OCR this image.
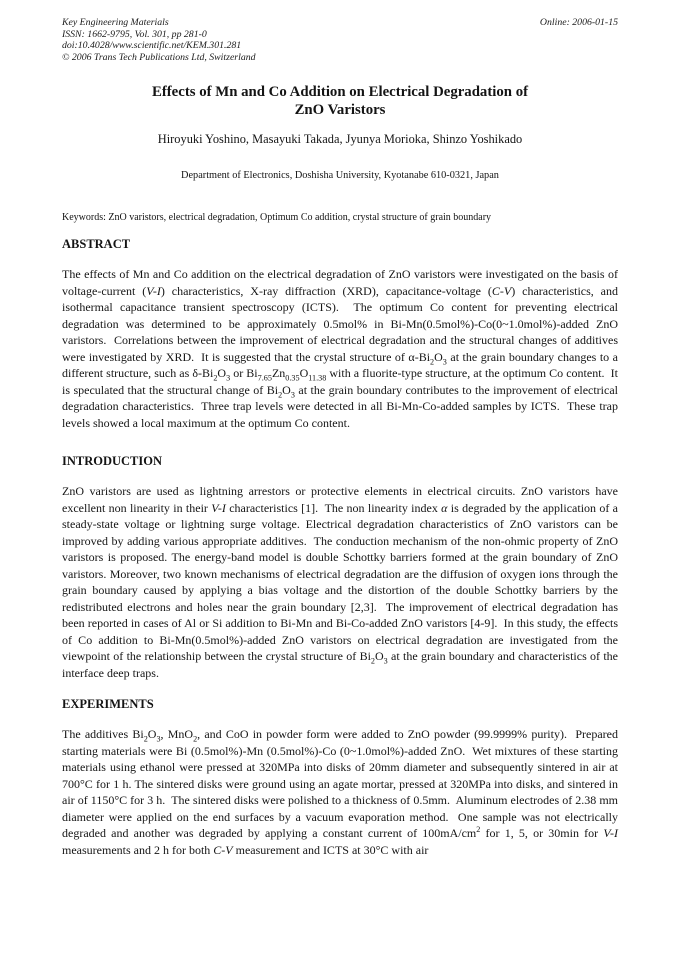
Key Engineering Materials
ISSN: 1662-9795, Vol. 301, pp 281-0
doi:10.4028/www.scientific.net/KEM.301.281
© 2006 Trans Tech Publications Ltd, Switzerland
Online: 2006-01-15
Effects of Mn and Co Addition on Electrical Degradation of
ZnO Varistors
Hiroyuki Yoshino, Masayuki Takada, Jyunya Morioka, Shinzo Yoshikado
Department of Electronics, Doshisha University, Kyotanabe 610-0321, Japan
Keywords: ZnO varistors, electrical degradation, Optimum Co addition, crystal structure of grain boundary
ABSTRACT

The effects of Mn and Co addition on the electrical degradation of ZnO varistors were investigated on the basis of voltage-current (V-I) characteristics, X-ray diffraction (XRD), capacitance-voltage (C-V) characteristics, and isothermal capacitance transient spectroscopy (ICTS).  The optimum Co content for preventing electrical degradation was determined to be approximately 0.5mol% in Bi-Mn(0.5mol%)-Co(0~1.0mol%)-added ZnO varistors.  Correlations between the improvement of electrical degradation and the structural changes of additives were investigated by XRD.  It is suggested that the crystal structure of $\alpha-Bi_2O_3$ at the grain boundary changes to a different structure, such as $\delta-Bi_2O_3$ or $Bi_{7.65}Zn_{0.35}O_{11.38}$ with a fluorite-type structure, at the optimum Co content.  It is speculated that the structural change of $Bi_2O_3$ at the grain boundary contributes to the improvement of electrical degradation characteristics.  Three trap levels were detected in all Bi-Mn-Co-added samples by ICTS.  These trap levels showed a local maximum at the optimum Co content.

INTRODUCTION

ZnO varistors are used as lightning arrestors or protective elements in electrical circuits. ZnO varistors have excellent non linearity in their V-I characteristics [1].  The non linearity index α is degraded by the application of a steady-state voltage or lightning surge voltage. Electrical degradation characteristics of ZnO varistors can be improved by adding various appropriate additives.  The conduction mechanism of the non-ohmic property of ZnO varistors is proposed. The energy-band model is double Schottky barriers formed at the grain boundary of ZnO varistors. Moreover, two known mechanisms of electrical degradation are the diffusion of oxygen ions through the grain boundary caused by applying a bias voltage and the distortion of the double Schottky barriers by the redistributed electrons and holes near the grain boundary [2,3].  The improvement of electrical degradation has been reported in cases of Al or Si addition to Bi-Mn and Bi-Co-added ZnO varistors [4-9].  In this study, the effects of Co addition to Bi-Mn(0.5mol%)-added ZnO varistors on electrical degradation are investigated from the viewpoint of the relationship between the crystal structure of $Bi_2O_3$ at the grain boundary and characteristics of the interface deep traps.

EXPERIMENTS

The additives $Bi_2O_3$, MnO$_2$, and CoO in powder form were added to ZnO powder (99.9999% purity).  Prepared starting materials were Bi (0.5mol%)-Mn (0.5mol%)-Co (0~1.0mol%)-added ZnO.  Wet mixtures of these starting materials using ethanol were pressed at 320MPa into disks of 20mm diameter and subsequently sintered in air at 700°C for 1 h. The sintered disks were ground using an agate mortar, pressed at 320MPa into disks, and sintered in air of 1150°C for 3 h.  The sintered disks were polished to a thickness of 0.5mm.  Aluminum electrodes of 2.38 mm diameter were applied on the end surfaces by a vacuum evaporation method.  One sample was not electrically degraded and another was degraded by applying a constant current of $100mA/cm^2$ for 1, 5, or 30min for V-I measurements and 2 h for both C-V measurement and ICTS at 30°C with air
